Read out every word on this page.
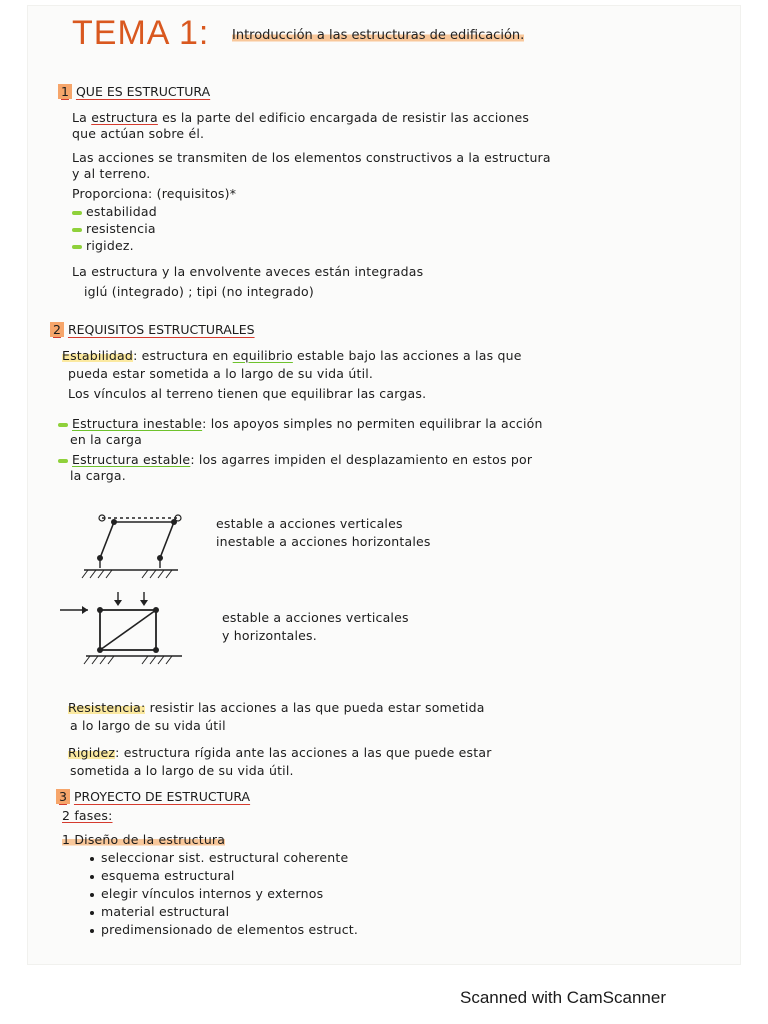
TEMA 1: Introducción a las estructuras de edificación.
1 QUE ES ESTRUCTURA
La estructura es la parte del edificio encargada de resistir las acciones
que actúan sobre él.
Las acciones se transmiten de los elementos constructivos a la estructura
y al terreno.
Proporciona: (requisitos)*
estabilidad
resistencia
rigidez.
La estructura y la envolvente aveces están integradas
iglú (integrado) ; tipi (no integrado)
2 REQUISITOS ESTRUCTURALES
Estabilidad: estructura en equilibrio estable bajo las acciones a las que
pueda estar sometida a lo largo de su vida útil.
Los vínculos al terreno tienen que equilibrar las cargas.
Estructura inestable: los apoyos simples no permiten equilibrar la acción
en la carga
Estructura estable: los agarres impiden el desplazamiento en estos por
la carga.
estable a acciones verticales
inestable a acciones horizontales
estable a acciones verticales
y horizontales.
Resistencia: resistir las acciones a las que pueda estar sometida
a lo largo de su vida útil
Rigidez: estructura rígida ante las acciones a las que puede estar
sometida a lo largo de su vida útil.
3 PROYECTO DE ESTRUCTURA
2 fases:
1 Diseño de la estructura
seleccionar sist. estructural coherente
esquema estructural
elegir vínculos internos y externos
material estructural
predimensionado de elementos estruct.
Scanned with CamScanner
